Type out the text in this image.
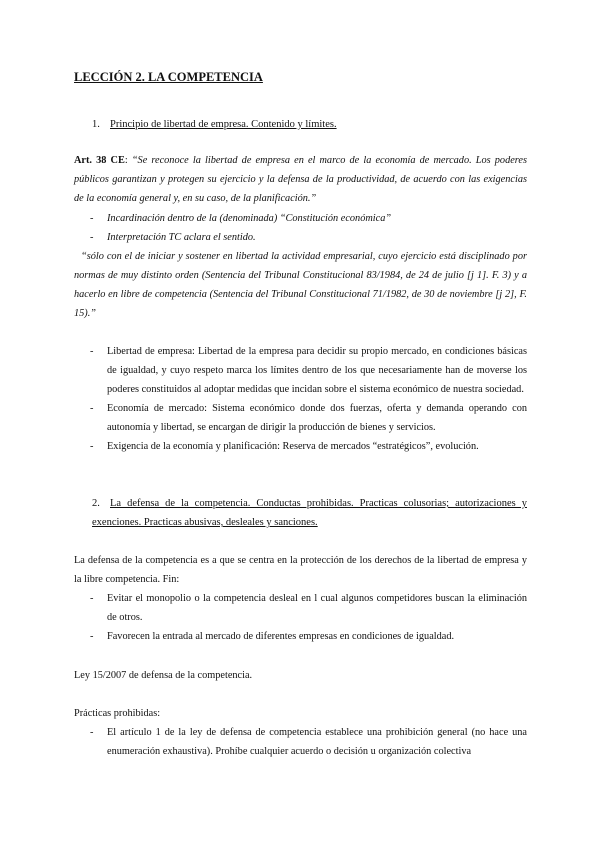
LECCIÓN 2. LA COMPETENCIA

1. Principio de libertad de empresa. Contenido y límites.

Art. 38 CE: “Se reconoce la libertad de empresa en el marco de la economía de mercado. Los poderes públicos garantizan y protegen su ejercicio y la defensa de la productividad, de acuerdo con las exigencias de la economía general y, en su caso, de la planificación.”

- Incardinación dentro de la (denominada) “Constitución económica”
- Interpretación TC aclara el sentido.

“sólo con el de iniciar y sostener en libertad la actividad empresarial, cuyo ejercicio está disciplinado por normas de muy distinto orden (Sentencia del Tribunal Constitucional 83/1984, de 24 de julio [j 1]. F. 3) y a hacerlo en libre de competencia (Sentencia del Tribunal Constitucional 71/1982, de 30 de noviembre [j 2], F. 15).”

- Libertad de empresa: Libertad de la empresa para decidir su propio mercado, en condiciones básicas de igualdad, y cuyo respeto marca los límites dentro de los que necesariamente han de moverse los poderes constituidos al adoptar medidas que incidan sobre el sistema económico de nuestra sociedad.
- Economía de mercado: Sistema económico donde dos fuerzas, oferta y demanda operando con autonomía y libertad, se encargan de dirigir la producción de bienes y servicios.
- Exigencia de la economía y planificación: Reserva de mercados “estratégicos”, evolución.

2. La defensa de la competencia. Conductas prohibidas. Practicas colusorias; autorizaciones y exenciones. Practicas abusivas, desleales y sanciones.

La defensa de la competencia es a que se centra en la protección de los derechos de la libertad de empresa y la libre competencia. Fin:

- Evitar el monopolio o la competencia desleal en l cual algunos competidores buscan la eliminación de otros.
- Favorecen la entrada al mercado de diferentes empresas en condiciones de igualdad.

Ley 15/2007 de defensa de la competencia.

Prácticas prohibidas:

- El artículo 1 de la ley de defensa de competencia establece una prohibición general (no hace una enumeración exhaustiva). Prohíbe cualquier acuerdo o decisión u organización colectiva
